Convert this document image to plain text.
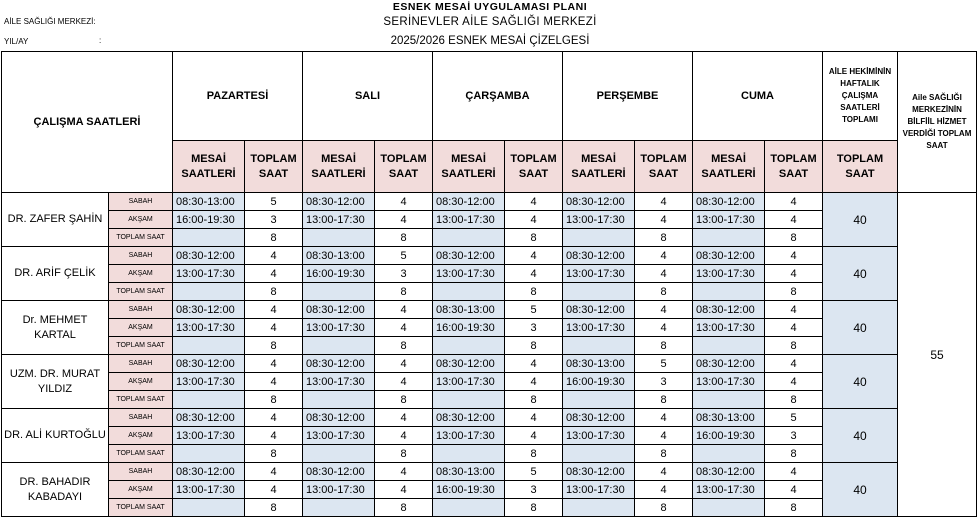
ESNEK MESAİ UYGULAMASI PLANI
AİLE SAĞLIĞI MERKEZİ:	SERİNEVLER AİLE SAĞLIĞI MERKEZİ
YIL/AY	:	2025/2026 ESNEK MESAİ ÇİZELGESİ
ÇALIŞMA SAATLERİ		PAZARTESİ		SALI		ÇARŞAMBA		PERŞEMBE		CUMA		AİLE HEKİMİNİN HAFTALIK ÇALIŞMA SAATLERİ TOPLAMI	Aile SAĞLIĞI MERKEZİNİN BİLFİİL HİZMET VERDİĞİ TOPLAM SAAT

		MESAİ SAATLERİ	TOPLAM SAAT	MESAİ SAATLERİ	TOPLAM SAAT	MESAİ SAATLERİ	TOPLAM SAAT	MESAİ SAATLERİ	TOPLAM SAAT	MESAİ SAATLERİ	TOPLAM SAAT	TOPLAM SAAT	

DR. ZAFER ŞAHİN	SABAH	08:30-13:00	5	08:30-12:00	4	08:30-12:00	4	08:30-12:00	4	08:30-12:00	4	40	55
	AKŞAM	16:00-19:30	3	13:00-17:30	4	13:00-17:30	4	13:00-17:30	4	13:00-17:30	4		
	TOPLAM SAAT		8		8		8		8		8		
DR. ARİF ÇELİK	SABAH	08:30-12:00	4	08:30-13:00	5	08:30-12:00	4	08:30-12:00	4	08:30-12:00	4	40	
	AKŞAM	13:00-17:30	4	16:00-19:30	3	13:00-17:30	4	13:00-17:30	4	13:00-17:30	4		
	TOPLAM SAAT		8		8		8		8		8		
Dr. MEHMET KARTAL	SABAH	08:30-12:00	4	08:30-12:00	4	08:30-13:00	5	08:30-12:00	4	08:30-12:00	4	40	
	AKŞAM	13:00-17:30	4	13:00-17:30	4	16:00-19:30	3	13:00-17:30	4	13:00-17:30	4		
	TOPLAM SAAT		8		8		8		8		8		
UZM. DR. MURAT YILDIZ	SABAH	08:30-12:00	4	08:30-12:00	4	08:30-12:00	4	08:30-13:00	5	08:30-12:00	4	40	
	AKŞAM	13:00-17:30	4	13:00-17:30	4	13:00-17:30	4	16:00-19:30	3	13:00-17:30	4		
	TOPLAM SAAT		8		8		8		8		8		
DR. ALİ KURTOĞLU	SABAH	08:30-12:00	4	08:30-12:00	4	08:30-12:00	4	08:30-12:00	4	08:30-13:00	5	40	
	AKŞAM	13:00-17:30	4	13:00-17:30	4	13:00-17:30	4	13:00-17:30	4	16:00-19:30	3		
	TOPLAM SAAT		8		8		8		8		8		
DR. BAHADIR KABADAYI	SABAH	08:30-12:00	4	08:30-12:00	4	08:30-13:00	5	08:30-12:00	4	08:30-12:00	4	40	
	AKŞAM	13:00-17:30	4	13:00-17:30	4	16:00-19:30	3	13:00-17:30	4	13:00-17:30	4		
	TOPLAM SAAT		8		8		8		8		8		
